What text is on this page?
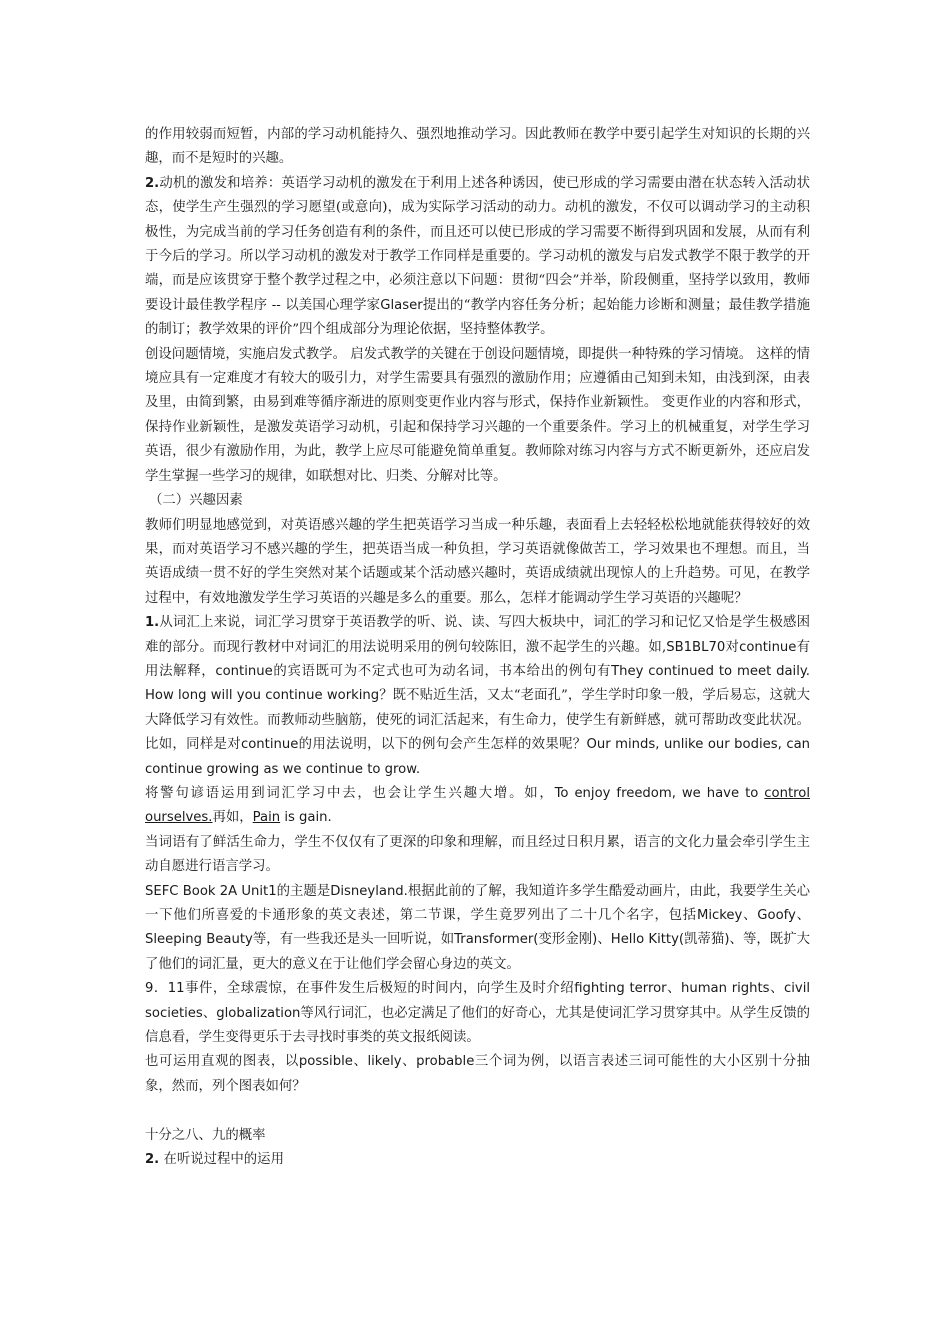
的作用较弱而短暂，内部的学习动机能持久、强烈地推动学习。因此教师在教学中要引起学生对知识的长期的兴趣，而不是短时的兴趣。

2.动机的激发和培养：英语学习动机的激发在于利用上述各种诱因，使已形成的学习需要由潜在状态转入活动状态，使学生产生强烈的学习愿望(或意向)，成为实际学习活动的动力。动机的激发，不仅可以调动学习的主动积极性，为完成当前的学习任务创造有利的条件，而且还可以使已形成的学习需要不断得到巩固和发展，从而有利于今后的学习。所以学习动机的激发对于教学工作同样是重要的。学习动机的激发与启发式教学不限于教学的开端，而是应该贯穿于整个教学过程之中，必须注意以下问题：贯彻“四会”并举，阶段侧重，坚持学以致用，教师要设计最佳教学程序 -- 以美国心理学家Glaser提出的“教学内容任务分析；起始能力诊断和测量；最佳教学措施的制订；教学效果的评价”四个组成部分为理论依据，坚持整体教学。

创设问题情境，实施启发式教学。 启发式教学的关键在于创设问题情境，即提供一种特殊的学习情境。 这样的情境应具有一定难度才有较大的吸引力，对学生需要具有强烈的激励作用；应遵循由己知到未知，由浅到深，由表及里，由简到繁，由易到难等循序渐进的原则变更作业内容与形式，保持作业新颖性。 变更作业的内容和形式，保持作业新颖性，是激发英语学习动机，引起和保持学习兴趣的一个重要条件。学习上的机械重复，对学生学习英语，很少有激励作用，为此，教学上应尽可能避免简单重复。教师除对练习内容与方式不断更新外，还应启发学生掌握一些学习的规律，如联想对比、归类、分解对比等。

（二）兴趣因素

教师们明显地感觉到，对英语感兴趣的学生把英语学习当成一种乐趣，表面看上去轻轻松松地就能获得较好的效果，而对英语学习不感兴趣的学生，把英语当成一种负担，学习英语就像做苦工，学习效果也不理想。而且，当英语成绩一贯不好的学生突然对某个话题或某个活动感兴趣时，英语成绩就出现惊人的上升趋势。可见，在教学过程中，有效地激发学生学习英语的兴趣是多么的重要。那么，怎样才能调动学生学习英语的兴趣呢？

1.从词汇上来说，词汇学习贯穿于英语教学的听、说、读、写四大板块中，词汇的学习和记忆又恰是学生极感困难的部分。而现行教材中对词汇的用法说明采用的例句较陈旧，激不起学生的兴趣。如,SB1BL70对continue有用法解释，continue的宾语既可为不定式也可为动名词，书本给出的例句有They continued to meet daily. How long will you continue working？既不贴近生活，又太“老面孔”，学生学时印象一般，学后易忘，这就大大降低学习有效性。而教师动些脑筋，使死的词汇活起来，有生命力，使学生有新鲜感，就可帮助改变此状况。比如，同样是对continue的用法说明，以下的例句会产生怎样的效果呢？Our minds, unlike our bodies, can continue growing as we continue to grow.

将警句谚语运用到词汇学习中去，也会让学生兴趣大增。如，To enjoy freedom, we have to control ourselves.再如，Pain is gain.

当词语有了鲜活生命力，学生不仅仅有了更深的印象和理解，而且经过日积月累，语言的文化力量会牵引学生主动自愿进行语言学习。

SEFC Book 2A Unit1的主题是Disneyland.根据此前的了解，我知道许多学生酷爱动画片，由此，我要学生关心一下他们所喜爱的卡通形象的英文表述，第二节课，学生竟罗列出了二十几个名字，包括Mickey、Goofy、Sleeping Beauty等，有一些我还是头一回听说，如Transformer(变形金刚)、Hello Kitty(凯蒂猫)、等，既扩大了他们的词汇量，更大的意义在于让他们学会留心身边的英文。

9．11事件，全球震惊，在事件发生后极短的时间内，向学生及时介绍fighting terror、human rights、civil societies、globalization等风行词汇，也必定满足了他们的好奇心，尤其是使词汇学习贯穿其中。从学生反馈的信息看，学生变得更乐于去寻找时事类的英文报纸阅读。

也可运用直观的图表，以possible、likely、probable三个词为例，以语言表述三词可能性的大小区别十分抽象，然而，列个图表如何？

十分之八、九的概率

2. 在听说过程中的运用
